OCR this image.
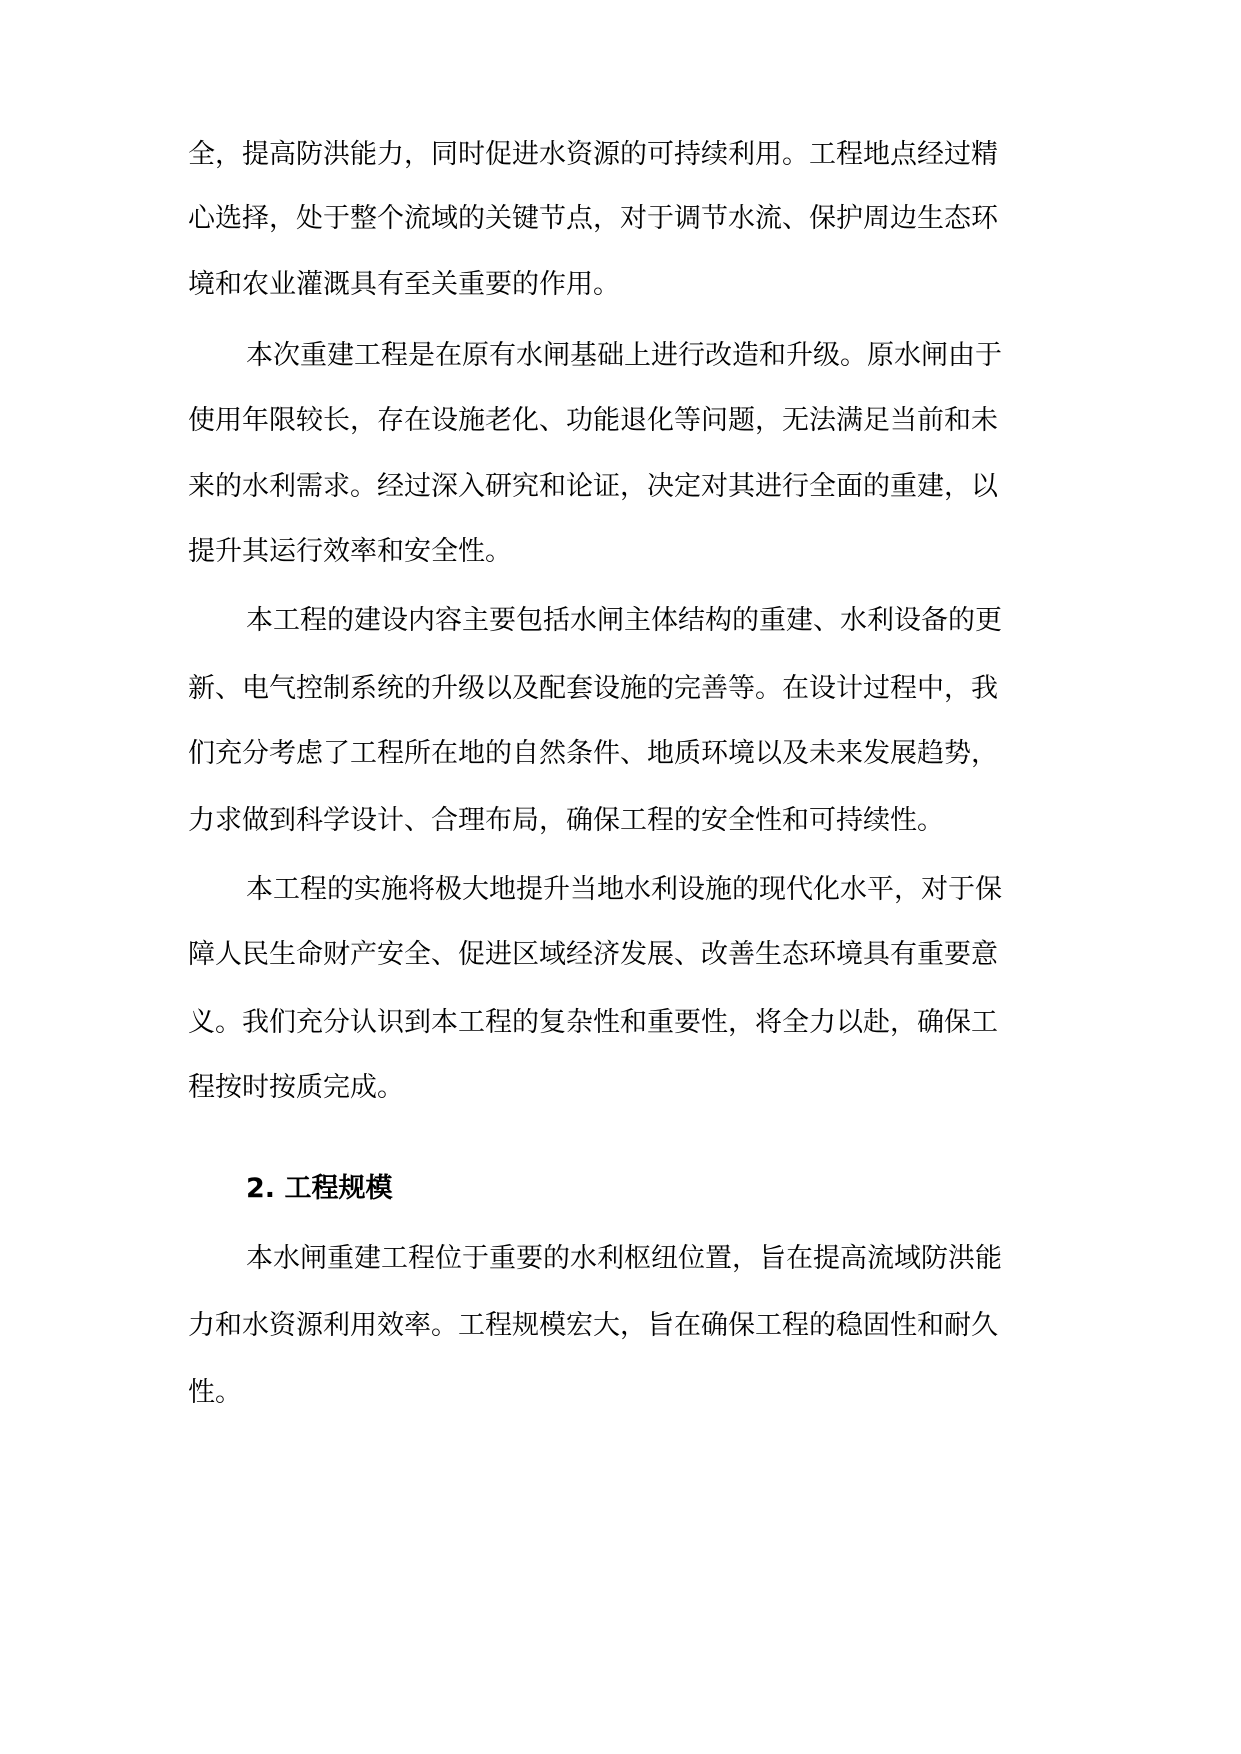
全，提高防洪能力，同时促进水资源的可持续利用。工程地点经过精

心选择，处于整个流域的关键节点，对于调节水流、保护周边生态环

境和农业灌溉具有至关重要的作用。

本次重建工程是在原有水闸基础上进行改造和升级。原水闸由于

使用年限较长，存在设施老化、功能退化等问题，无法满足当前和未

来的水利需求。经过深入研究和论证，决定对其进行全面的重建，以

提升其运行效率和安全性。

本工程的建设内容主要包括水闸主体结构的重建、水利设备的更

新、电气控制系统的升级以及配套设施的完善等。在设计过程中，我

们充分考虑了工程所在地的自然条件、地质环境以及未来发展趋势，

力求做到科学设计、合理布局，确保工程的安全性和可持续性。

本工程的实施将极大地提升当地水利设施的现代化水平，对于保

障人民生命财产安全、促进区域经济发展、改善生态环境具有重要意

义。我们充分认识到本工程的复杂性和重要性，将全力以赴，确保工

程按时按质完成。

2. 工程规模

本水闸重建工程位于重要的水利枢纽位置，旨在提高流域防洪能

力和水资源利用效率。工程规模宏大，旨在确保工程的稳固性和耐久

性。
